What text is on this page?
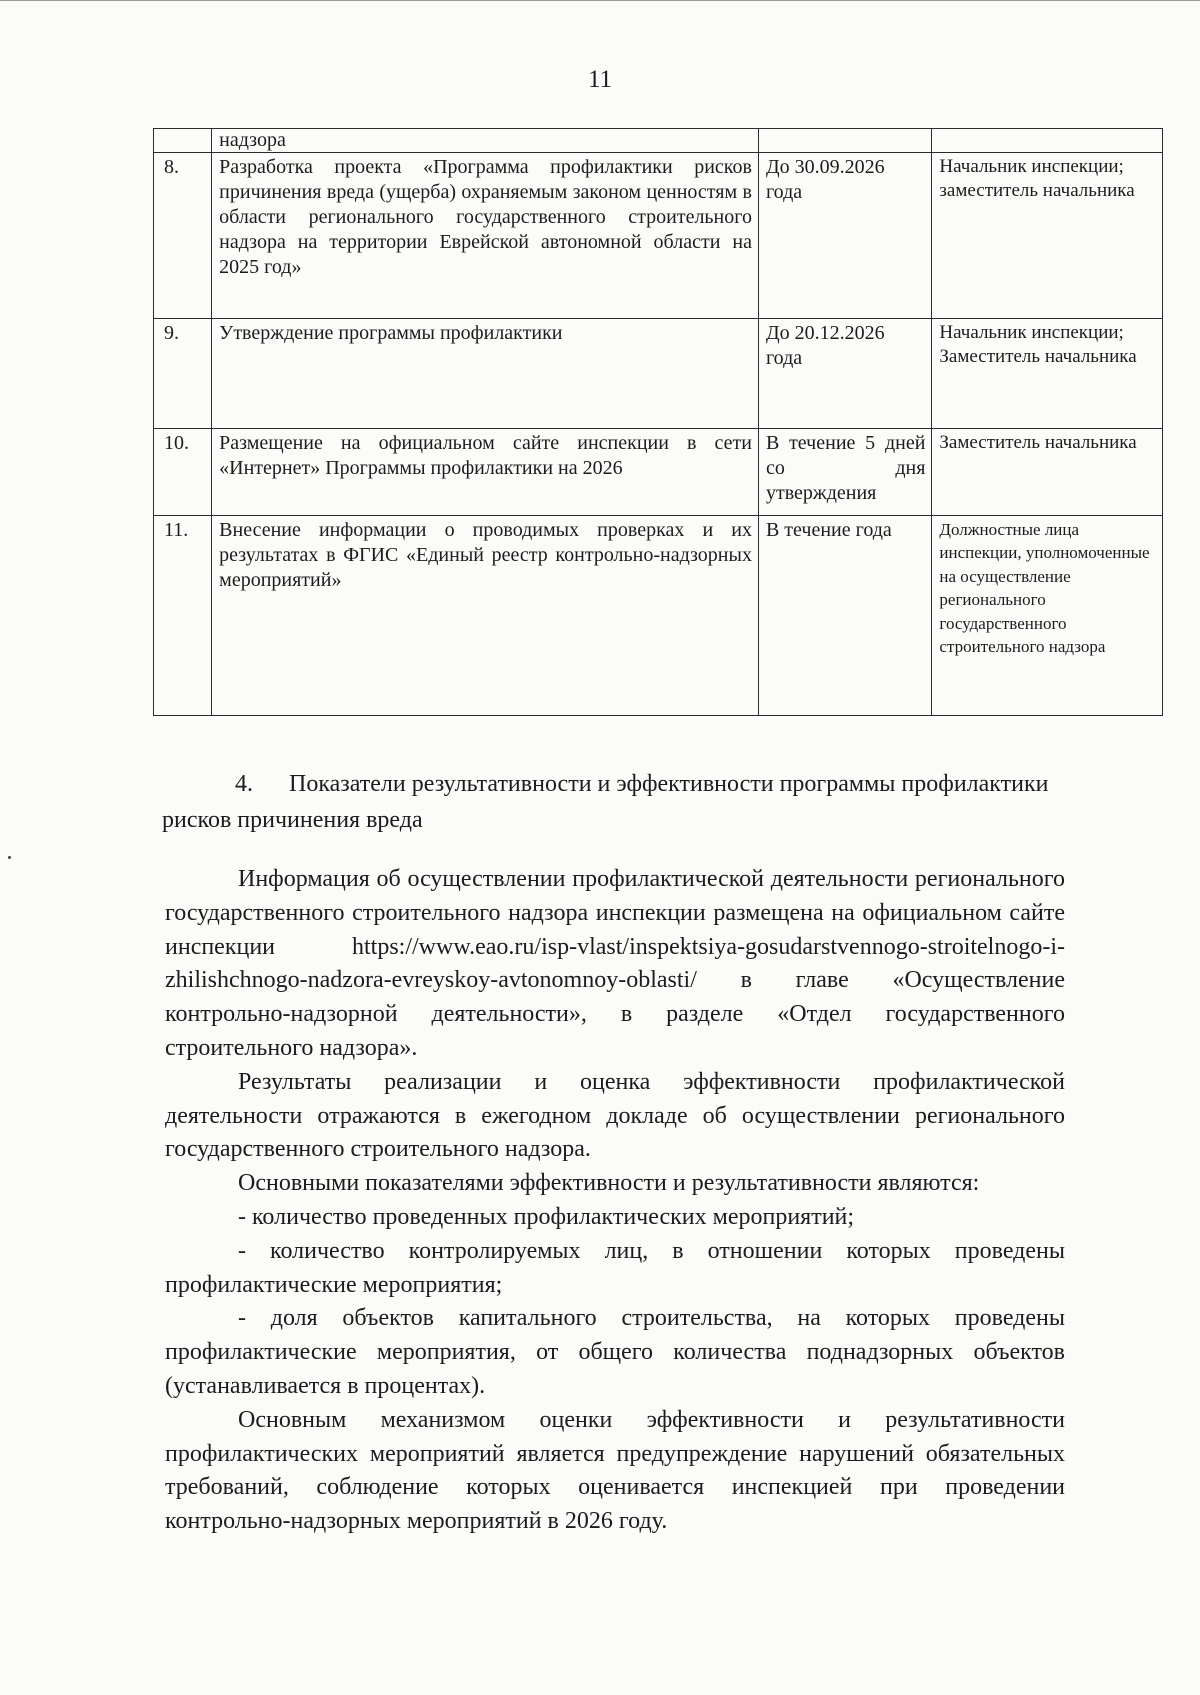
11
	надзора		
8.	Разработка проекта «Программа профилактики рисков причинения вреда (ущерба) охраняемым законом ценностям в области регионального государственного строительного надзора на территории Еврейской автономной области на 2025 год»	До 30.09.2026 года	Начальник инспекции; заместитель начальника
9.	Утверждение программы профилактики	До 20.12.2026 года	Начальник инспекции; Заместитель начальника
10.	Размещение на официальном сайте инспекции в сети «Интернет» Программы профилактики на 2026	В течение 5 дней со дня утверждения	Заместитель начальника
11.	Внесение информации о проводимых проверках и их результатах в ФГИС «Единый реестр контрольно-надзорных мероприятий»	В течение года	Должностные лица инспекции, уполномоченные на осуществление регионального государственного строительного надзора
4. Показатели результативности и эффективности программы профилактики рисков причинения вреда

Информация об осуществлении профилактической деятельности регионального государственного строительного надзора инспекции размещена на официальном сайте инспекции https://www.eao.ru/isp-vlast/inspektsiya-gosudarstvennogo-stroitelnogo-i-zhilishchnogo-nadzora-evreyskoy-avtonomnoy-oblasti/ в главе «Осуществление контрольно-надзорной деятельности», в разделе «Отдел государственного строительного надзора».

Результаты реализации и оценка эффективности профилактической деятельности отражаются в ежегодном докладе об осуществлении регионального государственного строительного надзора.

Основными показателями эффективности и результативности являются:

- количество проведенных профилактических мероприятий;

- количество контролируемых лиц, в отношении которых проведены профилактические мероприятия;

- доля объектов капитального строительства, на которых проведены профилактические мероприятия, от общего количества поднадзорных объектов (устанавливается в процентах).

Основным механизмом оценки эффективности и результативности профилактических мероприятий является предупреждение нарушений обязательных требований, соблюдение которых оценивается инспекцией при проведении контрольно-надзорных мероприятий в 2026 году.
